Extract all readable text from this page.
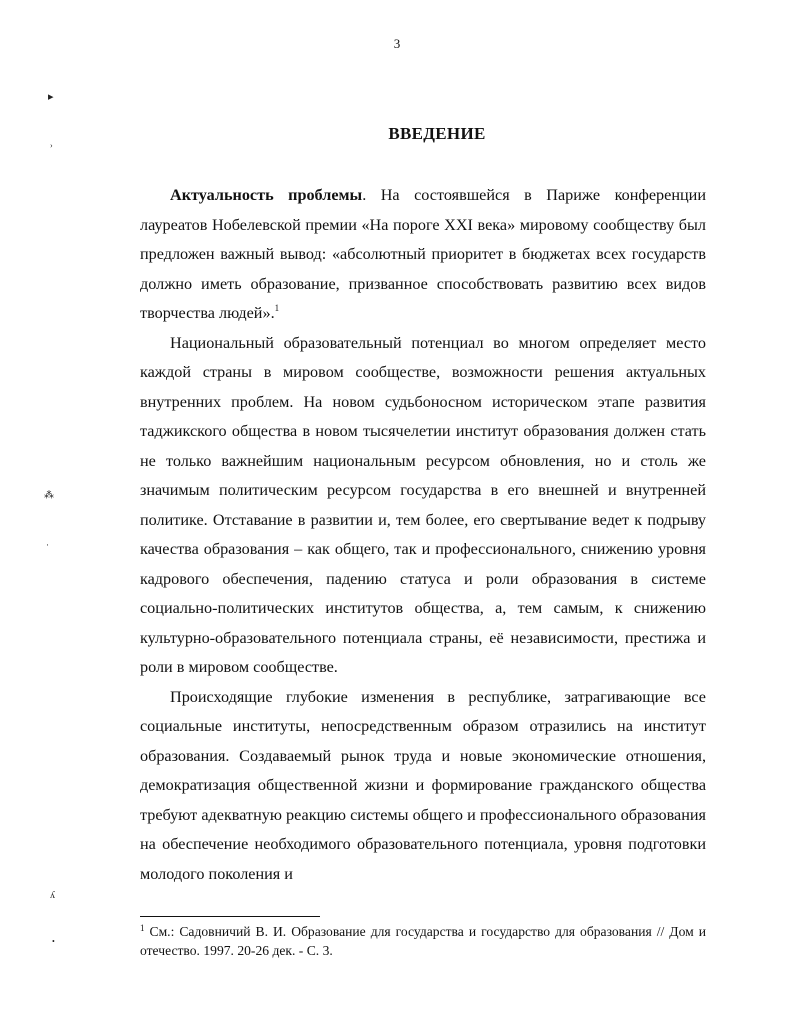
3
ВВЕДЕНИЕ

Актуальность проблемы. На состоявшейся в Париже конференции лауреатов Нобелевской премии «На пороге XXI века» мировому сообществу был предложен важный вывод: «абсолютный приоритет в бюджетах всех государств должно иметь образование, призванное способствовать развитию всех видов творчества людей».$^1$

Национальный образовательный потенциал во многом определяет место каждой страны в мировом сообществе, возможности решения актуальных внутренних проблем. На новом судьбоносном историческом этапе развития таджикского общества в новом тысячелетии институт образования должен стать не только важнейшим национальным ресурсом обновления, но и столь же значимым политическим ресурсом государства в его внешней и внутренней политике. Отставание в развитии и, тем более, его свертывание ведет к подрыву качества образования – как общего, так и профессионального, снижению уровня кадрового обеспечения, падению статуса и роли образования в системе социально-политических институтов общества, а, тем самым, к снижению культурно-образовательного потенциала страны, её независимости, престижа и роли в мировом сообществе.

Происходящие глубокие изменения в республике, затрагивающие все социальные институты, непосредственным образом отразились на институт образования. Создаваемый рынок труда и новые экономические отношения, демократизация общественной жизни и формирование гражданского общества требуют адекватную реакцию системы общего и профессионального образования на обеспечение необходимого образовательного потенциала, уровня подготовки молодого поколения и

$^1$ См.: Садовничий В. И. Образование для государства и государство для образования // Дом и отечество. 1997. 20-26 дек. - С. 3.
▸
›
⁂
·
ʎ
•
